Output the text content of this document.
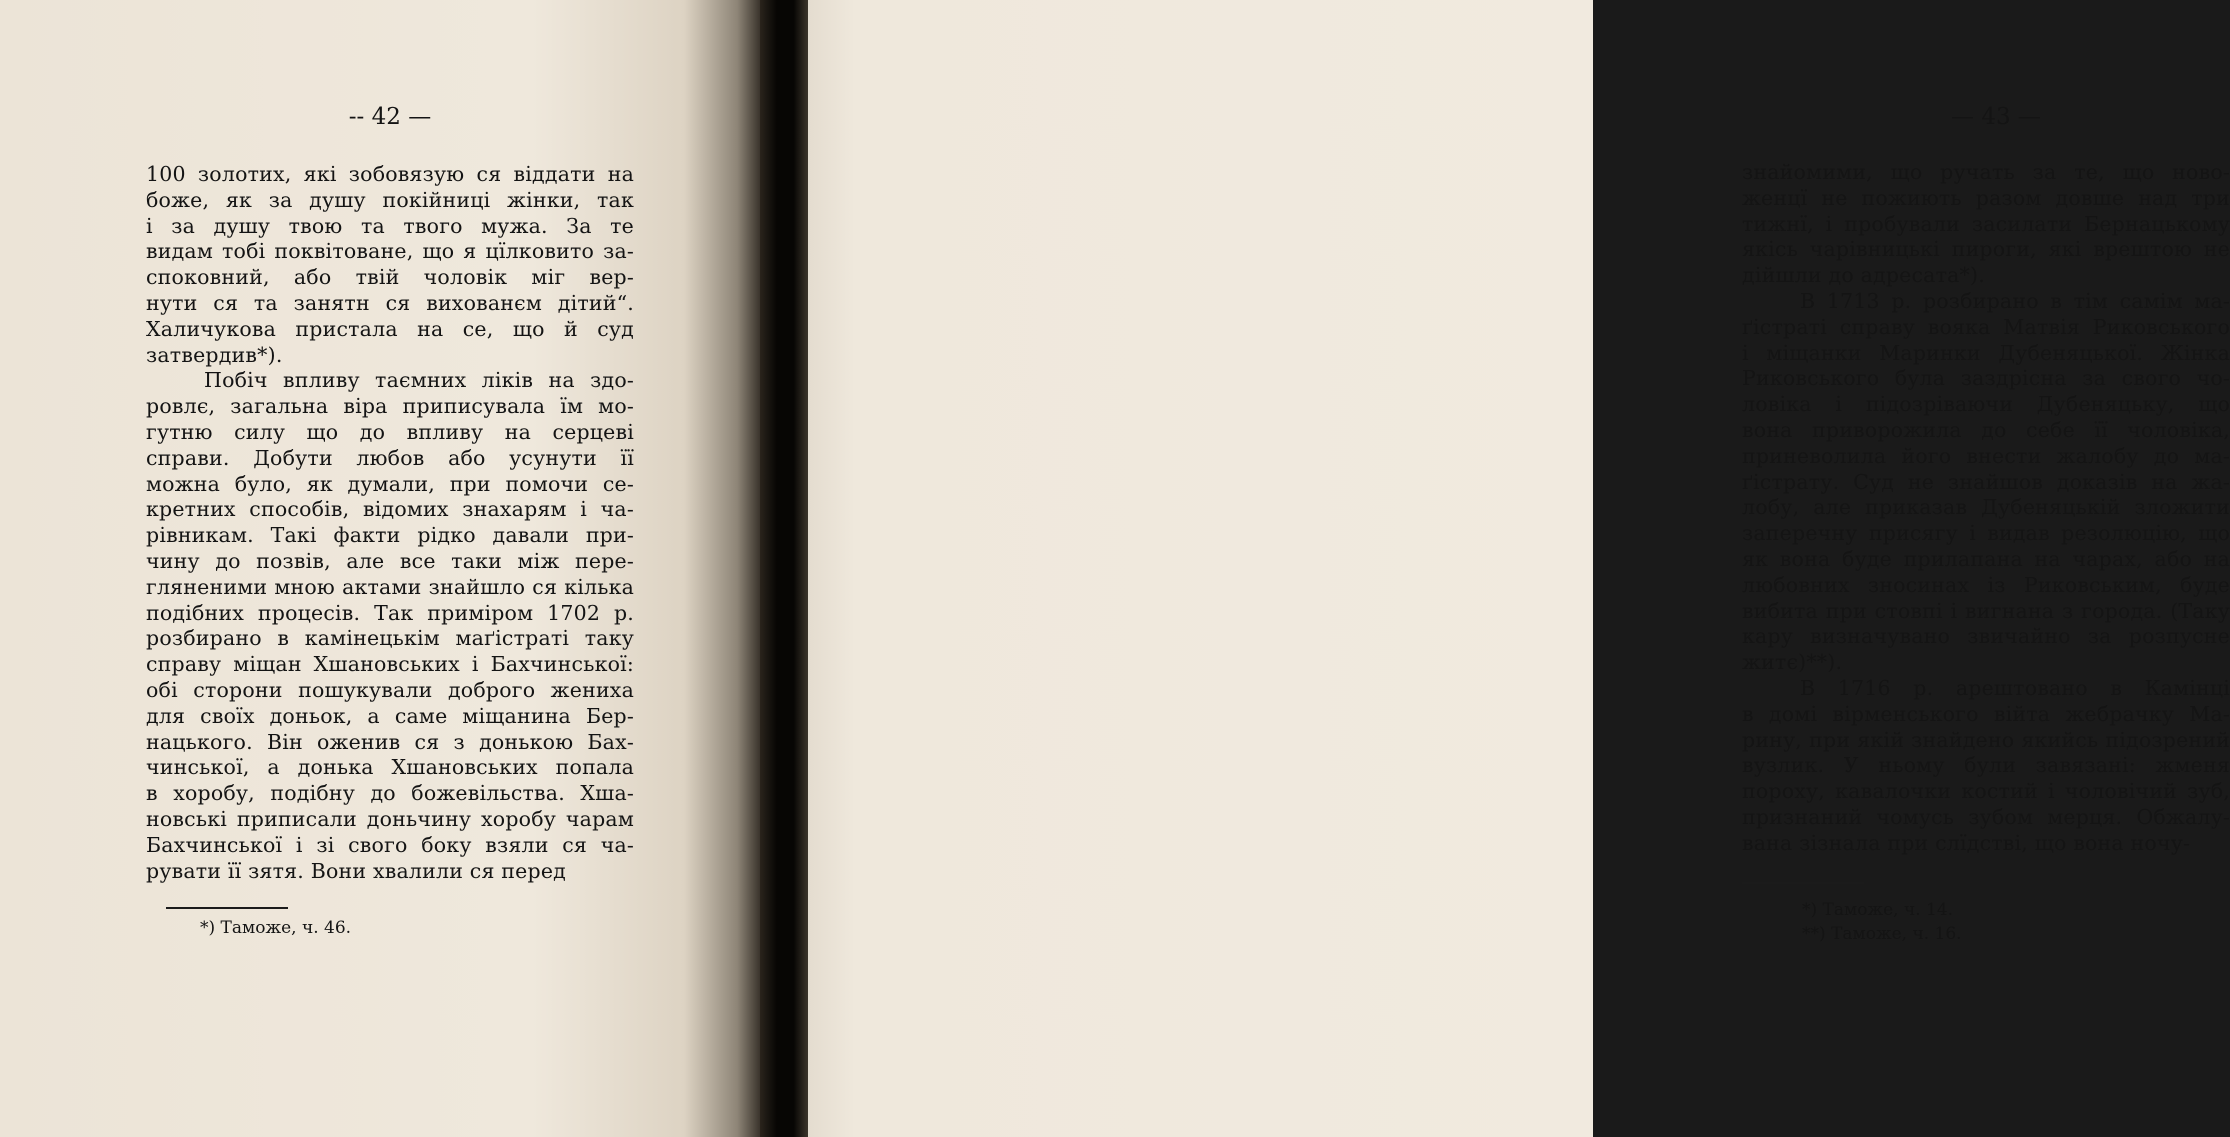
-- 42 —
100 золотих, які зобовязую ся віддати на
боже, як за душу покійниці жінки, так
і за душу твою та твого мужа. За те
видам тобі поквітоване, що я цїлковито за-
споковний, або твій чоловік міг вер-
нути ся та занятн ся вихованєм дітий“.
Халичукова пристала на се, що й суд
затвердив*).
Побіч впливу таємних ліків на здо-
ровлє, загальна віра приписувала їм мо-
гутню силу що до впливу на серцеві
справи. Добути любов або усунути її
можна було, як думали, при помочи се-
кретних способів, відомих знахарям і ча-
рівникам. Такі факти рідко давали при-
чину до позвів, але все таки між пере-
гляненими мною актами знайшло ся кілька
подібних процесів. Так приміром 1702 р.
розбирано в камінецькім маґістраті таку
справу міщан Хшановських і Бахчинської:
обі сторони пошукували доброго жениха
для своїх доньок, а саме міщанина Бер-
нацького. Він оженив ся з донькою Бах-
чинської, а донька Хшановських попала
в хоробу, подібну до божевільства. Хша-
новські приписали доньчину хоробу чарам
Бахчинської і зі свого боку взяли ся ча-
рувати її зятя. Вони хвалили ся перед
*) Таможе, ч. 46.
— 43 —
знайомими, що ручать за те, що ново-
женцї не пожиють разом довше над три
тижнї, і пробували засилати Бернацькому
якісь чарівницькі пироги, які врештою не
дійшли до адресата*).
В 1713 р. розбирано в тім самім ма-
ґістраті справу вояка Матвія Риковського
і міщанки Маринки Дубеняцької. Жінка
Риковського була заздрісна за свого чо-
ловіка і підозріваючи Дубеняцьку, що
вона приворожила до себе її чоловіка,
приневолила його внести жалобу до ма-
ґістрату. Суд не знайшов доказів на жа-
лобу, але приказав Дубеняцькій зложити
заперечну присягу і видав резолюцію, що
як вона буде прилапана на чарах, або на
любовних зносинах із Риковським, буде
вибита при стовпі і вигнана з города. (Таку
кару визначувано звичайно за розпусне
житє)**).
В 1716 р. арештовано в Камінці
в домі вірменського війта жебрачку Ма-
рину, при якій знайдено якийсь підозрений
вузлик. У ньому були завязані: жменя
пороху, кавалочки костий і чоловічий зуб,
признаний чомусь зубом мерця. Обжалу-
вана зізнала при слїдстві, що вона ночу-
*) Таможе, ч. 14.
**) Таможе, ч. 16.
